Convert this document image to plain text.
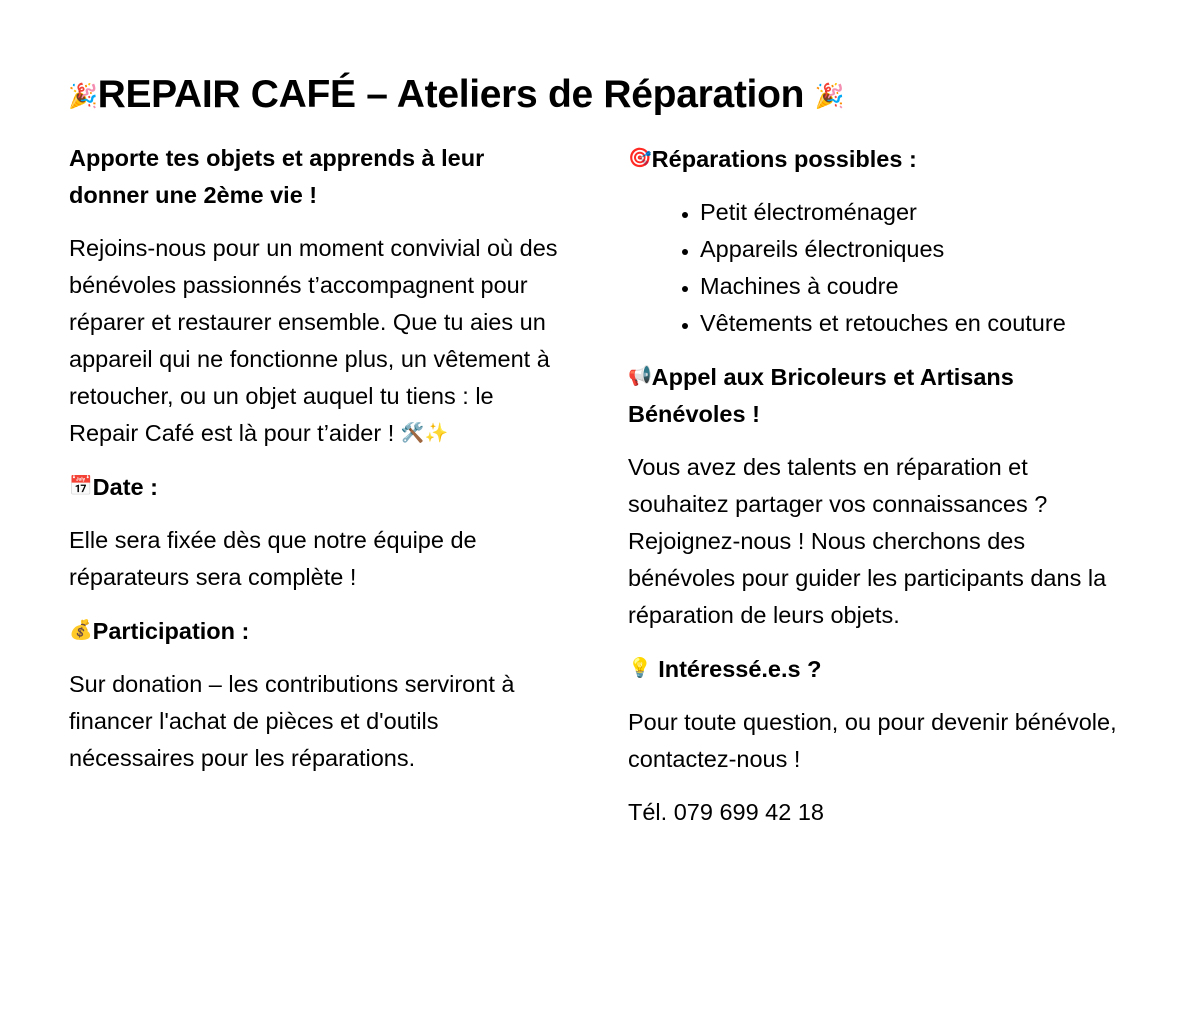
🎉REPAIR CAFÉ – Ateliers de Réparation 🎉

Apporte tes objets et apprends à leur donner une 2ème vie !

Rejoins-nous pour un moment convivial où des bénévoles passionnés t’accompagnent pour réparer et restaurer ensemble. Que tu aies un appareil qui ne fonctionne plus, un vêtement à retoucher, ou un objet auquel tu tiens : le Repair Café est là pour t’aider ! 🛠️✨

📅Date :

Elle sera fixée dès que notre équipe de réparateurs sera complète !

💰Participation :

Sur donation – les contributions serviront à financer l'achat de pièces et d'outils nécessaires pour les réparations.

🎯Réparations possibles :
• Petit électroménager
• Appareils électroniques
• Machines à coudre
• Vêtements et retouches en couture
📢Appel aux Bricoleurs et Artisans Bénévoles !

Vous avez des talents en réparation et souhaitez partager vos connaissances ? Rejoignez-nous ! Nous cherchons des bénévoles pour guider les participants dans la réparation de leurs objets.

💡 Intéressé.e.s ?

Pour toute question, ou pour devenir bénévole, contactez-nous !

Tél. 079 699 42 18
